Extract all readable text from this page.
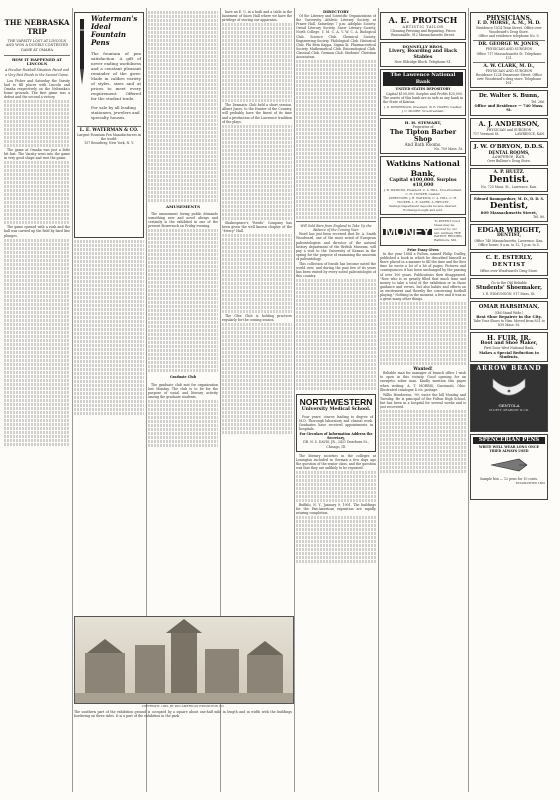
THE NEBRASKA TRIP
THE VARSITY LOST AT LINCOLN AND WON A DOUBLY CONTESTED GAME AT OMAHA
HOW IT HAPPENED AT LINCOLN
A Peculiar Football Situation Faced and a Very Fast Finish in the Second Game.
Lou Fisher and Saturday the Varsity had to fill places with Lincoln and Omaha respectively on the Nebraska's home grounds. The first game was a defeat and the second a victory.
The game at Omaha was just a little bit fast. The Varsity went into the game in very good shape and won the game.
The game opened with a rush and the ball was carried up the field by hard line plunges.
Waterman's Ideal Fountain Pens
The fountain of pen satisfaction. A gift of never ending usefulness and a constant pleasant reminder of the giver. Made in calibre variety of styles, sizes and at prices to meet every requirement. Offered for the student trade.
For sale by all leading stationers, jewelers and specialty houses.
L. E. WATERMAN & CO.
Largest Fountain Pen Manufacturers in the world.
157 Broadway, New York, N. Y.
AMUSEMENTS
The amusement loving public demands something new and novel always and certainly is the exhibited in one of the present Bowersock on Friday evening.
Graduate Club
The graduate club met for organization last Monday. The club is to be for the purpose of social and literary activity among the graduate students.
have an E. U. in a bath and a table in the basement of Snow Hall where we have the privilege of storing our apparatus.
The Dramatic Club held a short session. Albert Jones, to the Hunter of the Country, will probably have the finest of its time and a production of the Lawrence tradition of the plays.
Shakespeare's "Reeds" Company has been given the well known chapter of the "Mercy" Hall.
The Glee Club is holding practices regularly for the coming season.
COPYRIGHT, 1900, BY PAN-AMERICAN EXPOSITION CO.
The southern part of the exhibition ground is occupied by a square about one-half mile in length and in width with the buildings bordering on three sides. It is a part of the exhibition in the park.
DIRECTORY
Of the Literary and Scientific Organizations of the University. Athletic Literary Society, at Fraser Hall, Saturdays 7 p.m. Adelphic Society. Oread Literary Society. Snow Literary Society, North College. Y. M. C. A. Y. W. C. A. Biological Club. Science Club. Chemical Society. Engineering Society. Philological Club. Historical Club. Phi Beta Kappa. Sigma Xi. Pharmaceutical Society. Mathematical Club. Entomological Club. Classical Club. German Club. Students' Christian Association.
Will Gold Bars from England to Take Up the Balance of the Coming Year.
Word has just been received that Dr. A. Smith Woodward, one of the most noted of European paleontologists and director of the natural history department of the British Museum, will pay a visit to the University of Kansas in the spring for the purpose of examining the museum of paleontology.
This collection of fossils has become noted the world over, and during the past few of its years has been visited by every noted paleontologist of this country.
NORTHWESTERN
University Medical School.
Four years' course leading to degree of M.D. Thorough laboratory and clinical work. Graduates have received appointments in hospitals.
For Circulars of Information Address the Secretary,
DR. N. S. DAVIS, JR., 2431 Dearborn St., Chicago, Ill.
The literary societies in the colleges at Lexington included in German a few days ago the question of the senior class, and the question was that they are unlikely to be repeated.
Buffalo, N. Y., January 9, 1901. The buildings for the Pan-American exposition are rapidly nearing completion.
A. E. PROTSCH
ARTISTIC TAILOR
Cleaning Pressing and Repairing. Prices Reasonable. 912 Massachusetts Street.
DONNELLY BROS.
Livery, Boarding and Hack Stables
New Eldridge Block. Telephone 81.
The Lawrence National Bank
UNITED STATES DEPOSITORY
Capital $100,000. Surplus and Profits $25,000. The assets of this bank are as safe as any bank in the State of Kansas.
J. D. BOWERSOCK, President. W. E. HAZEN, Cashier. J. C. MOORE, Vice-President.
H. H. STEWART,
Proprietor of
The Tipton Barber Shop
And Bath Rooms.
No. 709 Mass. St.
Watkins National Bank,
Capital $100,000. Surplus $18,000
J. B. WATKINS, President. C. A. HILL, Vice-President. C. H. TUCKER, Cashier.
DIRECTORS: J. B. WATKINS, C. A. HILL, C. H. TUCKER, L. E. SAYRE, A. HENLEY.
Savings Department deposits receive interest. Exchange bought and sold.
MONEY
To PATENT Good Ideas may be secured by our aid. Address THE PATENT RECORD, Baltimore, Md.
Prize Essay Given
In the year 1884 a Fulton, named Philip Dudley, published a book in which he described himself as there placed in a manner to fill the time and the first time he wrote a lot of a lot of pages. Pictures and consequences it has been unchanged by the passing of over 100 years. Publications then disappeared. "Now who is so greatly filled that much time and money to take a total of the exhibition or in those guidance and verses, but also habits and efforts on as excitement and thereby the concerning football playing." Nothing in the moment, a few and it was as a great many other things.
Wanted!
Reliable man for manager of branch office I wish to open in this vicinity. Good opening for an energetic sober man. Kindly mention this paper when writing. A. T. MORRIS, Cincinnati, Ohio. Illustrated catalogue 4 cts. postage.
Willis Henderson, '99, wrote the bill Monday and Tuesday. He is principal of the Fulton High School, but has been in a hospital for several weeks and is just recovered.
PHYSICIANS.
F. D. MORSE, A. M., M. D.
Residence 1014 Tenn Street. Office over Woodward's Drug Store.
Office and residence telephone No. 9.
DR. GEORGE W. JONES,
PHYSICIAN AND SURGEON
Office 717 Massachusetts St. Telephone 131.
A. W. CLARK, M. D.,
PHYSICIAN AND SURGEON
Residence 1224 Tennessee Street. Office over Woodward's drug store. Telephone 161.
Dr. Walter S. Bunn,
Tel. 266.
Office and Residence — 740 Mass. St.
A. J. ANDERSON,
PHYSICIAN and SURGEON
717 Vermont St.	LAWRENCE, KAN.
J. W. O'BRYON, D.D.S.
DENTAL ROOMS,
Lawrence, Kan.
Over Bullene's Drug Store.
A. P. HULTZ.
Dentist.
No. 725 Mass. St., Lawrence, Kan.
Edward Baumgardner, M. D., D. D. S.
Dentist,
809 Massachusetts Street,
Tel. 80.
EDGAR WRIGHT,
DENTIST,
Office 740 Massachusetts, Lawrence, Kan.
Office hours: 8 a.m. to 12, 1 p.m. to 5.
C. E. ESTERLY,
DENTIST
Office over Woodward's Drug Store.
Go to the Old Reliable
Students' Shoemaker,
I. E. EDMUNSON. 917 Mass. St.
OMAR HARSHMAN,
(Old Stand Wide.)
Best Shoe Repairer in the City.
Take Your Shoes to Him. Moved from 831 to 839 Mass. St.
H. FUIR, JR.
Boot and Shoe Maker,
First Door West National Bank.
Makes a Special Reduction to Students.
ARROW BRAND
GENTOLA
CLUETT, PEABODY & CO.
SPENCERIAN PENS
WRITE WELL WEAR LONG ONCE TRIED ALWAYS USED
Sample box — 12 pens for 10 cents.
ESTABLISHED 1860
